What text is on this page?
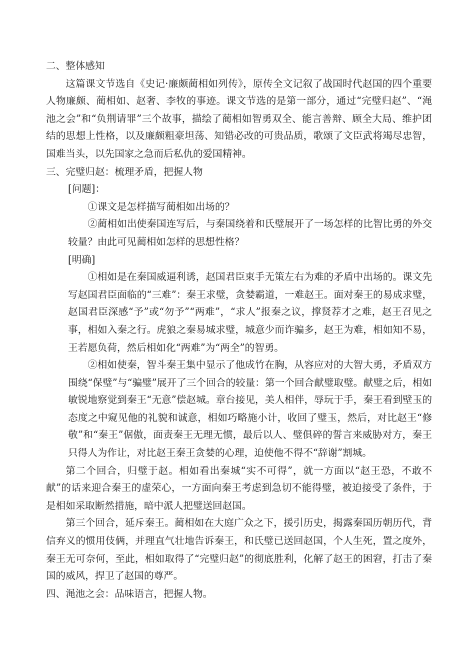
二、整体感知

这篇课文节选自《史记·廉颇蔺相如列传》，原传全文记叙了战国时代赵国的四个重要人物廉颇、蔺相如、赵奢、李牧的事迹。课文节选的是第一部分，通过“完璧归赵”、“渑池之会”和“负荆请罪”三个故事，描绘了蔺相如智勇双全、能言善辩、顾全大局、维护团结的思想上性格，以及廉颇粗豪坦荡、知错必改的可贵品质，歌颂了文臣武将竭尽忠智，国难当头，以先国家之急而后私仇的爱国精神。

三、完璧归赵：梳理矛盾，把握人物
[问题]：

①课文是怎样描写蔺相如出场的？

②蔺相如出使秦国连写后，与秦国绕着和氏璧展开了一场怎样的比智比勇的外交较量？由此可见蔺相如怎样的思想性格？

[明确]

①相如是在秦国威逼利诱，赵国君臣束手无策左右为难的矛盾中出场的。课文先写赵国君臣面临的“三难”：秦王求璧，贪婪霸道，一难赵王。面对秦王的易成求璧，赵国君臣深感“予”或“勿予”“两难”，“求人”报秦之议，撑贤荐才之难，赵王召见之事，相如入秦之行。虎狼之秦易城求璧，城意少而诈骗多，赵王为难，相如知不易，王若愿负荷，然后相如化“两难”为“两全”的智勇。

②相如使秦，智斗秦王集中显示了他成竹在胸，从容应对的大智大勇，矛盾双方围绕“保璧”与“骗璧”展开了三个回合的较量：第一个回合献璧取璧。献璧之后，相如敏锐地察觉到秦王“无意”偿赵城。章台接见，美人相伴，辱玩于手，秦王看到壁玉的态度之中窥见他的礼貌和诚意，相如巧略施小计，收回了璧玉，然后，对比赵王“修敬”和“秦王”倨傲，面责秦王无理无惯，最后以人、璧俱碎的誓言来威胁对方，秦王只得人为作让，对比赵王秦王贪婪的心理，迫使他不得不“辞谢”割城。

第二个回合，归璧于赵。相如看出秦城“实不可得”，就一方面以“赵王恐，不敢不献”的话来迎合秦王的虚荣心，一方面向秦王考虑到急切不能得璧，被迫接受了条件，于是相如采取断然措施，暗中派人把璧送回赵国。

第三个回合，延斥秦王。蔺相如在大庭广众之下，援引历史，揭露秦国历朝历代，背信弃义的惯用伎俩，并理直气壮地告诉秦王，和氏璧已送回赵国，个人生死，置之度外，秦王无可奈何，至此，相如取得了“完璧归赵”的彻底胜利，化解了赵王的困窘，打击了秦国的威风，捍卫了赵国的尊严。

四、渑池之会：品味语言，把握人物。
